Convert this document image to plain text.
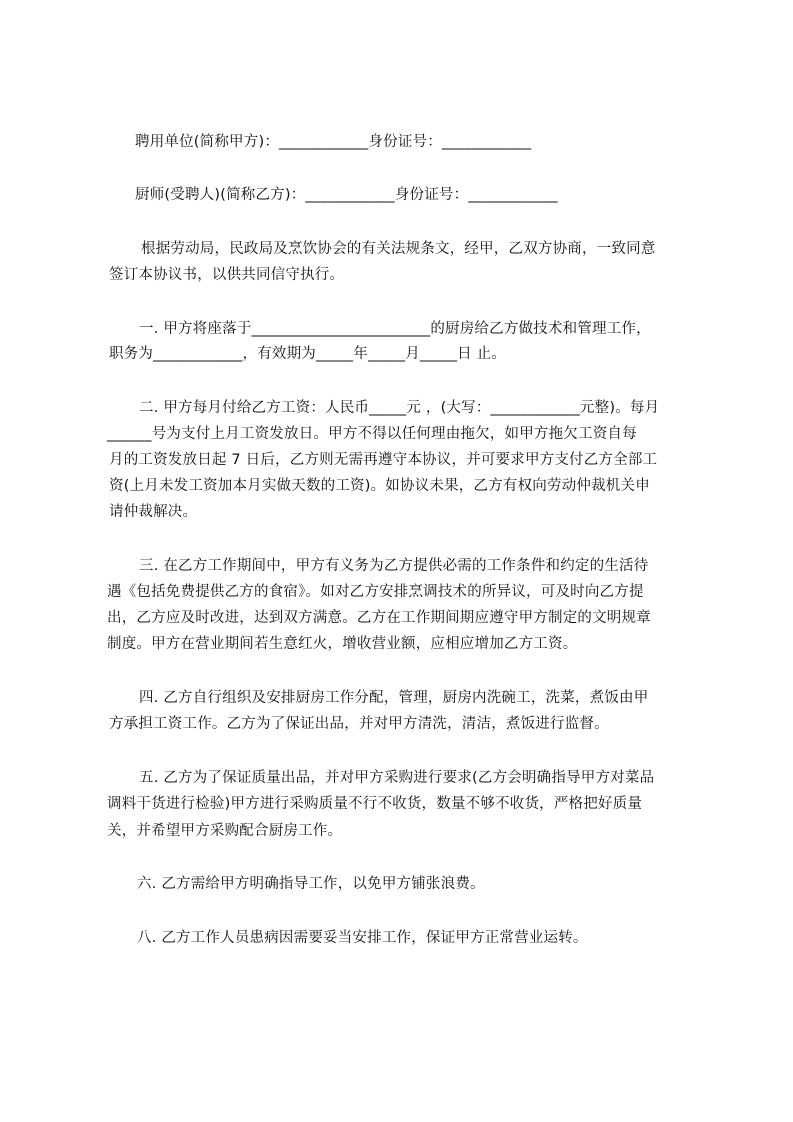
聘用单位(简称甲方)：____________身份证号：____________
厨师(受聘人)(简称乙方)：____________身份证号：____________
根据劳动局，民政局及烹饮协会的有关法规条文，经甲，乙双方协商，一致同意
签订本协议书，以供共同信守执行。
一. 甲方将座落于________________________的厨房给乙方做技术和管理工作，
职务为____________，有效期为_____年_____月_____日 止。
二. 甲方每月付给乙方工资：人民币_____元 ，(大写：____________元整)。每月
______号为支付上月工资发放日。甲方不得以任何理由拖欠，如甲方拖欠工资自每
月的工资发放日起 7 日后，乙方则无需再遵守本协议，并可要求甲方支付乙方全部工
资(上月未发工资加本月实做天数的工资)。如协议未果，乙方有权向劳动仲裁机关申
请仲裁解决。
三. 在乙方工作期间中，甲方有义务为乙方提供必需的工作条件和约定的生活待
遇《包括免费提供乙方的食宿》。如对乙方安排烹调技术的所异议，可及时向乙方提
出，乙方应及时改进，达到双方满意。乙方在工作期间期应遵守甲方制定的文明规章
制度。甲方在营业期间若生意红火，增收营业额，应相应增加乙方工资。
四. 乙方自行组织及安排厨房工作分配，管理，厨房内洗碗工，洗菜，煮饭由甲
方承担工资工作。乙方为了保证出品，并对甲方清洗，清洁，煮饭进行监督。
五. 乙方为了保证质量出品，并对甲方采购进行要求(乙方会明确指导甲方对菜品
调料干货进行检验)甲方进行采购质量不行不收货，数量不够不收货，严格把好质量
关，并希望甲方采购配合厨房工作。
六. 乙方需给甲方明确指导工作，以免甲方铺张浪费。
八. 乙方工作人员患病因需要妥当安排工作，保证甲方正常营业运转。
